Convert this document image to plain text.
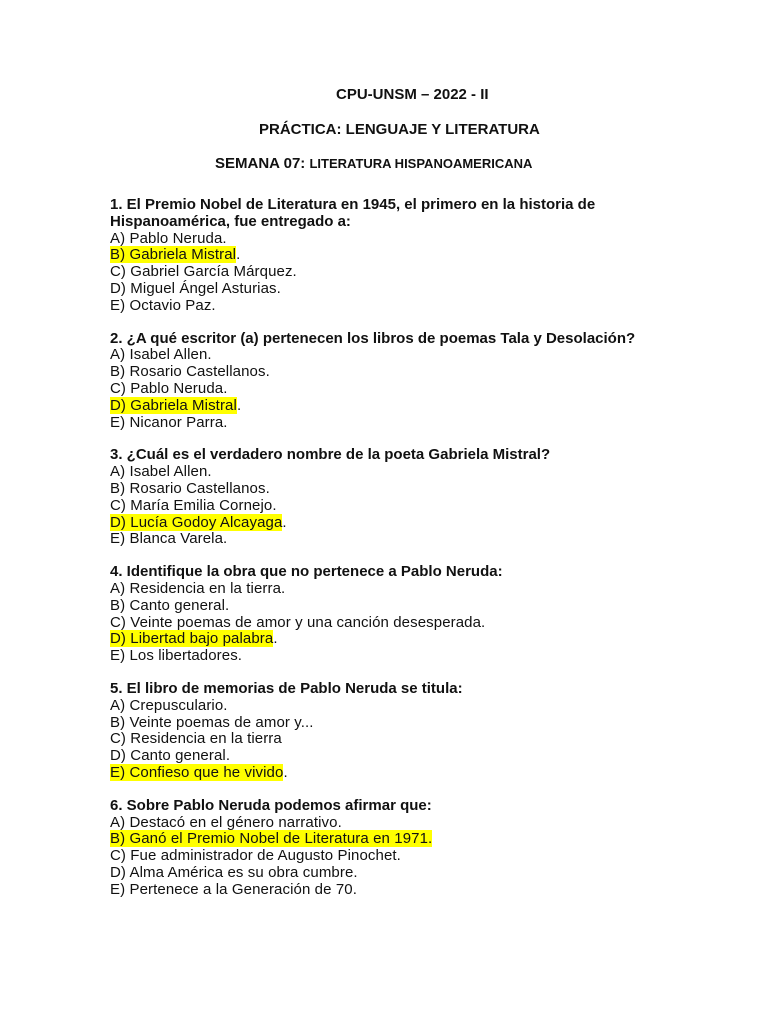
CPU-UNSM – 2022 - II
PRÁCTICA: LENGUAJE Y LITERATURA
SEMANA 07: LITERATURA HISPANOAMERICANA
1. El Premio Nobel de Literatura en 1945, el primero en la historia de
Hispanoamérica, fue entregado a:
A) Pablo Neruda.
B) Gabriela Mistral.
C) Gabriel García Márquez.
D) Miguel Ángel Asturias.
E) Octavio Paz.
2. ¿A qué escritor (a) pertenecen los libros de poemas Tala y Desolación?
A) Isabel Allen.
B) Rosario Castellanos.
C) Pablo Neruda.
D) Gabriela Mistral.
E) Nicanor Parra.
3. ¿Cuál es el verdadero nombre de la poeta Gabriela Mistral?
A) Isabel Allen.
B) Rosario Castellanos.
C) María Emilia Cornejo.
D) Lucía Godoy Alcayaga.
E) Blanca Varela.
4. Identifique la obra que no pertenece a Pablo Neruda:
A) Residencia en la tierra.
B) Canto general.
C) Veinte poemas de amor y una canción desesperada.
D) Libertad bajo palabra.
E) Los libertadores.
5. El libro de memorias de Pablo Neruda se titula:
A) Crepusculario.
B) Veinte poemas de amor y...
C) Residencia en la tierra
D) Canto general.
E) Confieso que he vivido.
6. Sobre Pablo Neruda podemos afirmar que:
A) Destacó en el género narrativo.
B) Ganó el Premio Nobel de Literatura en 1971.
C) Fue administrador de Augusto Pinochet.
D) Alma América es su obra cumbre.
E) Pertenece a la Generación de 70.
